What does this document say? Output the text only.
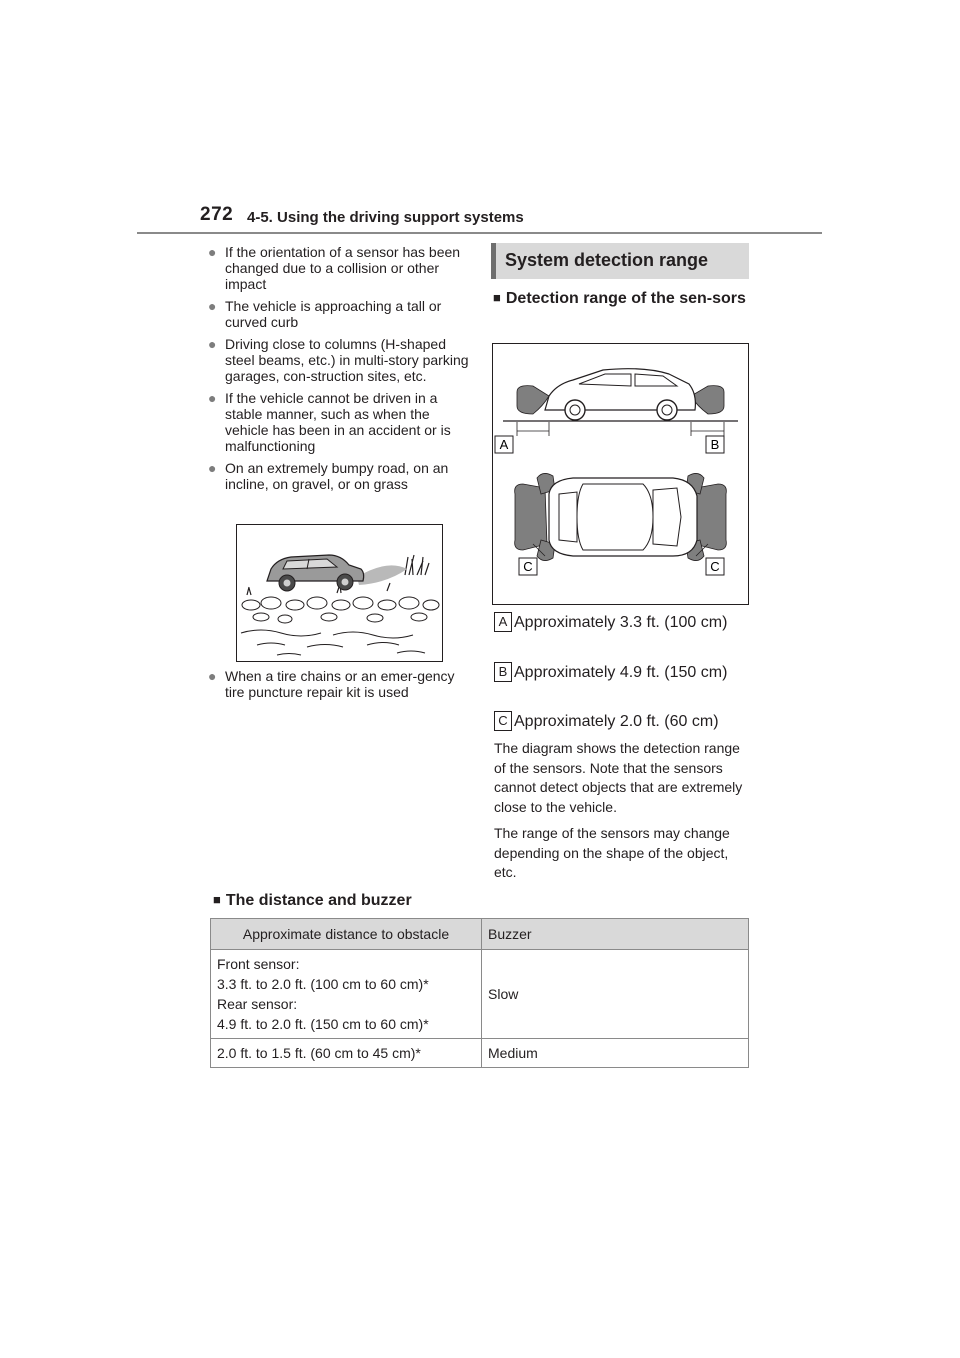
272 4-5. Using the driving support systems
● If the orientation of a sensor has been changed due to a collision or other impact
● The vehicle is approaching a tall or curved curb
● Driving close to columns (H-shaped steel beams, etc.) in multi-story parking garages, con-struction sites, etc.
● If the vehicle cannot be driven in a stable manner, such as when the vehicle has been in an accident or is malfunctioning
● On an extremely bumpy road, on an incline, on gravel, or on grass
● When a tire chains or an emer-gency tire puncture repair kit is used
System detection range
■ Detection range of the sen-sors
A	B
C	C
A Approximately 3.3 ft. (100 cm)
B Approximately 4.9 ft. (150 cm)
C Approximately 2.0 ft. (60 cm)
The diagram shows the detection range of the sensors. Note that the sensors cannot detect objects that are extremely close to the vehicle.
The range of the sensors may change depending on the shape of the object, etc.
■ The distance and buzzer
Approximate distance to obstacle	Buzzer

Front sensor:
3.3 ft. to 2.0 ft. (100 cm to 60 cm)*
Rear sensor:
4.9 ft. to 2.0 ft. (150 cm to 60 cm)*	Slow

2.0 ft. to 1.5 ft. (60 cm to 45 cm)*	Medium
